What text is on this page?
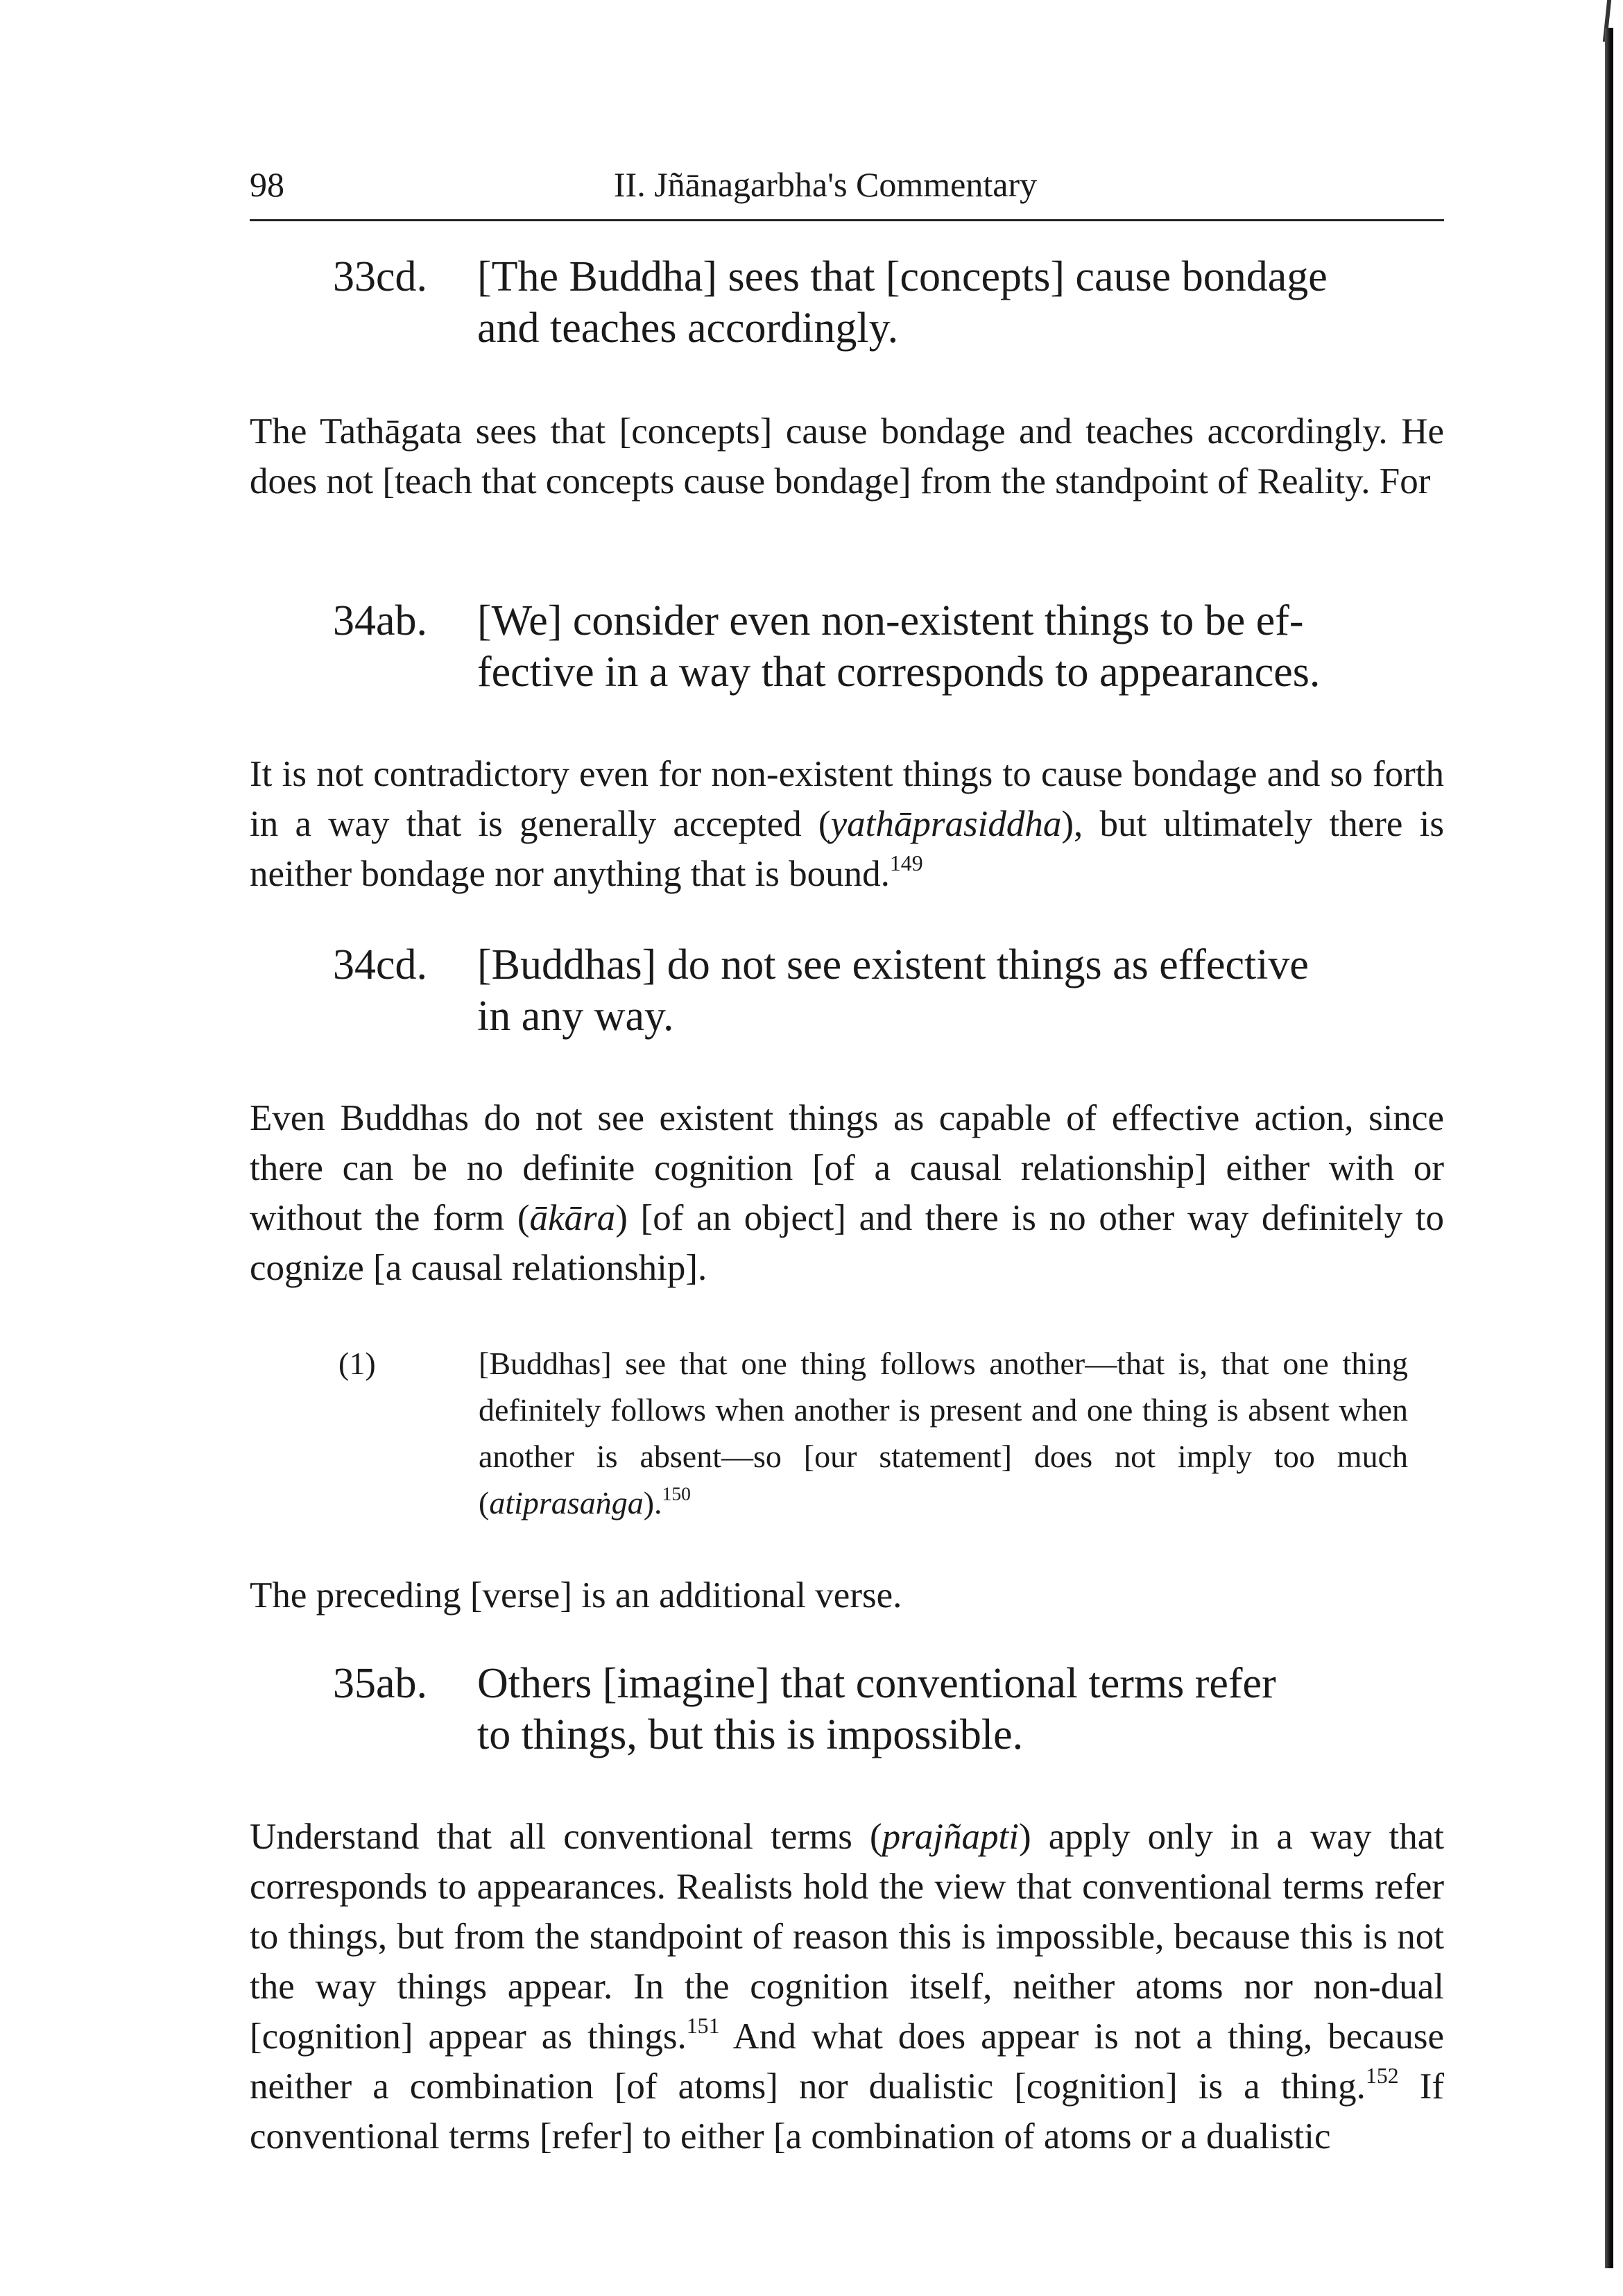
98	II. Jñānagarbha's Commentary
33cd. [The Buddha] sees that [concepts] cause bondage
and teaches accordingly.
The Tathāgata sees that [concepts] cause bondage and teaches accordingly. He does not [teach that concepts cause bondage] from the standpoint of Reality. For
34ab. [We] consider even non-existent things to be ef-
fective in a way that corresponds to appearances.
It is not contradictory even for non-existent things to cause bondage and so forth in a way that is generally accepted (yathāprasiddha), but ultimately there is neither bondage nor anything that is bound.$^{149}$
34cd. [Buddhas] do not see existent things as effective
in any way.
Even Buddhas do not see existent things as capable of effective action, since there can be no definite cognition [of a causal relationship] either with or without the form (ākāra) [of an object] and there is no other way definitely to cognize [a causal relationship].
(1)	[Buddhas] see that one thing follows another—that is, that one thing definitely follows when another is present and one thing is absent when another is absent—so [our statement] does not imply too much (atiprasaṅga).$^{150}$
The preceding [verse] is an additional verse.
35ab. Others [imagine] that conventional terms refer
to things, but this is impossible.
Understand that all conventional terms (prajñapti) apply only in a way that corresponds to appearances. Realists hold the view that conventional terms refer to things, but from the standpoint of reason this is impossible, because this is not the way things appear. In the cognition itself, neither atoms nor non-dual [cognition] appear as things.$^{151}$ And what does appear is not a thing, because neither a combination [of atoms] nor dualistic [cognition] is a thing.$^{152}$ If conventional terms [refer] to either [a combination of atoms or a dualistic
